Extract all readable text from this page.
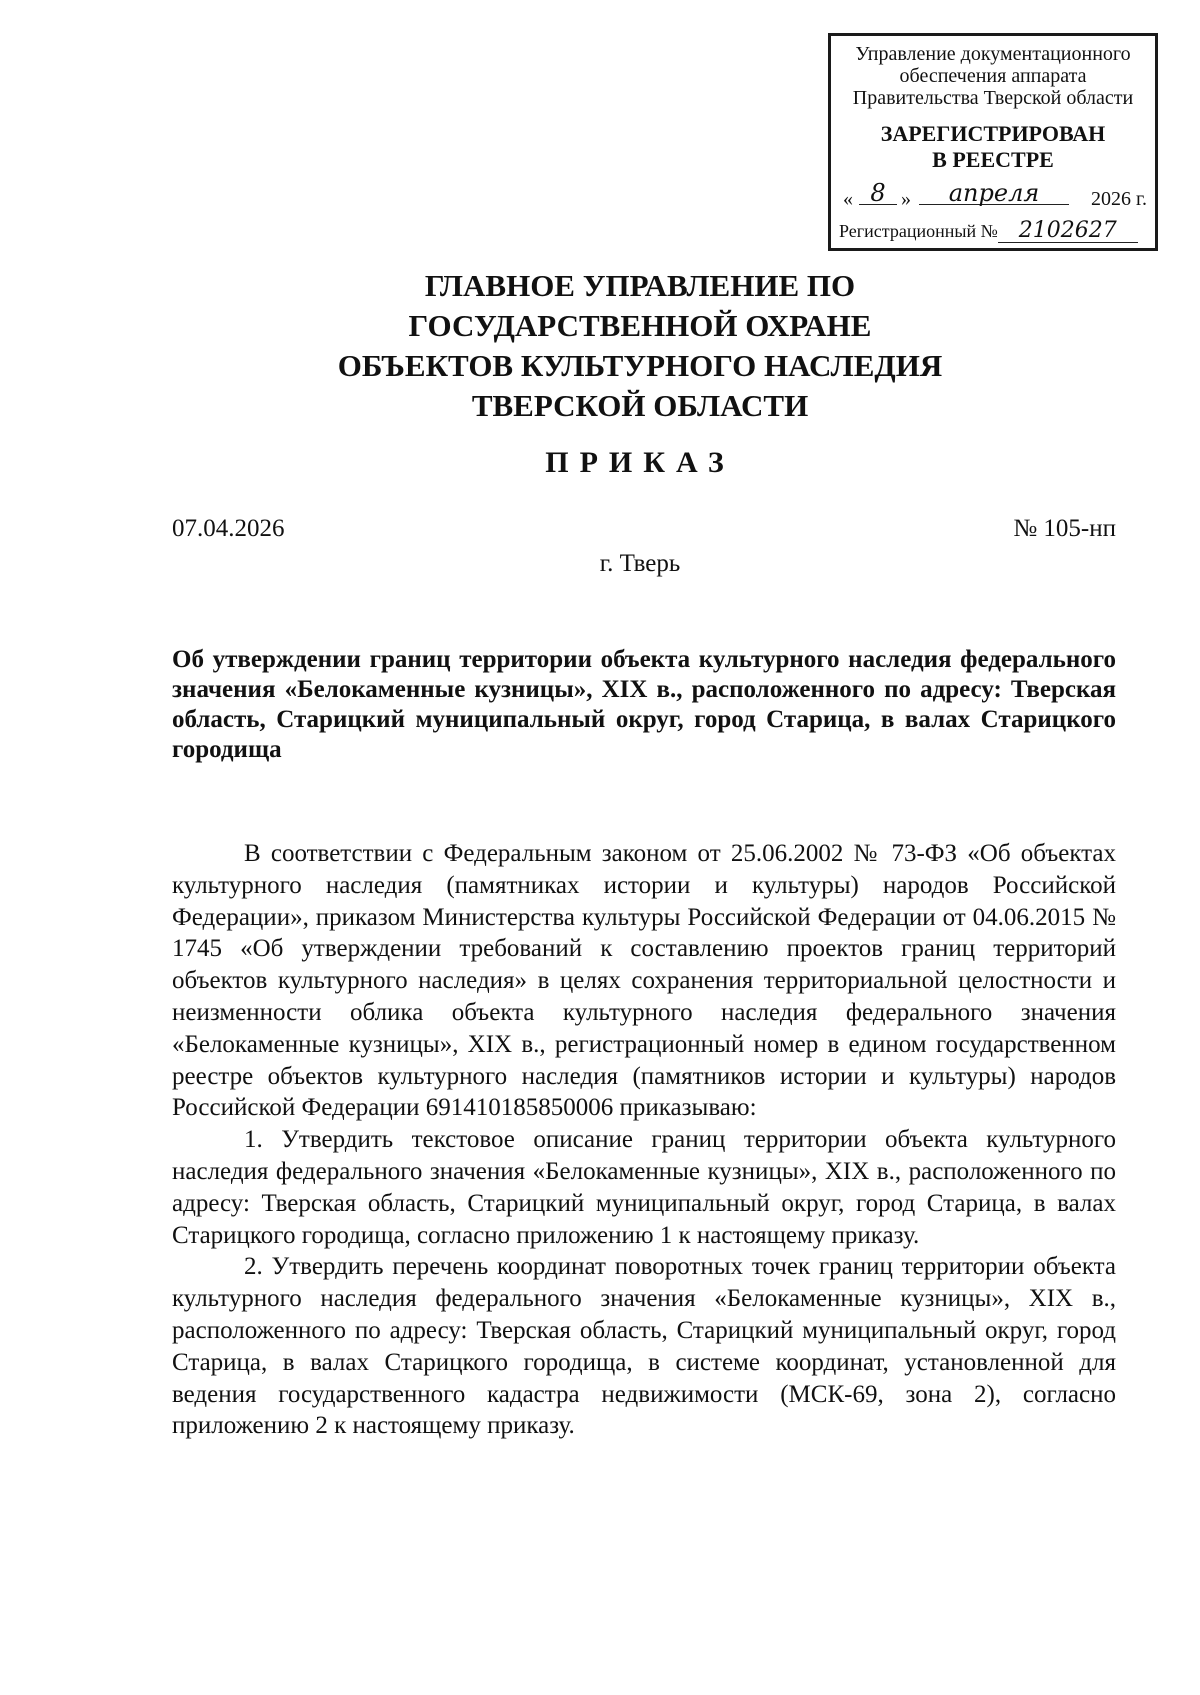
Управление документационного
обеспечения аппарата
Правительства Тверской области
ЗАРЕГИСТРИРОВАН
В РЕЕСТРЕ
« 8 »	апреля	2026 г.
Регистрационный № 2102627
ГЛАВНОЕ УПРАВЛЕНИЕ ПО
ГОСУДАРСТВЕННОЙ ОХРАНЕ
ОБЪЕКТОВ КУЛЬТУРНОГО НАСЛЕДИЯ
ТВЕРСКОЙ ОБЛАСТИ
ПРИКАЗ
07.04.2026	№ 105-нп
г. Тверь
Об утверждении границ территории объекта культурного наследия федерального значения «Белокаменные кузницы», XIX в., расположенного по адресу: Тверская область, Старицкий муниципальный округ, город Старица, в валах Старицкого городища

В соответствии с Федеральным законом от 25.06.2002 № 73-ФЗ «Об объектах культурного наследия (памятниках истории и культуры) народов Российской Федерации», приказом Министерства культуры Российской Федерации от 04.06.2015 № 1745 «Об утверждении требований к составлению проектов границ территорий объектов культурного наследия» в целях сохранения территориальной целостности и неизменности облика объекта культурного наследия федерального значения «Белокаменные кузницы», XIX в., регистрационный номер в едином государственном реестре объектов культурного наследия (памятников истории и культуры) народов Российской Федерации 691410185850006 приказываю:

1. Утвердить текстовое описание границ территории объекта культурного наследия федерального значения «Белокаменные кузницы», XIX в., расположенного по адресу: Тверская область, Старицкий муниципальный округ, город Старица, в валах Старицкого городища, согласно приложению 1 к настоящему приказу.

2. Утвердить перечень координат поворотных точек границ территории объекта культурного наследия федерального значения «Белокаменные кузницы», XIX в., расположенного по адресу: Тверская область, Старицкий муниципальный округ, город Старица, в валах Старицкого городища, в системе координат, установленной для ведения государственного кадастра недвижимости (МСК-69, зона 2), согласно приложению 2 к настоящему приказу.
